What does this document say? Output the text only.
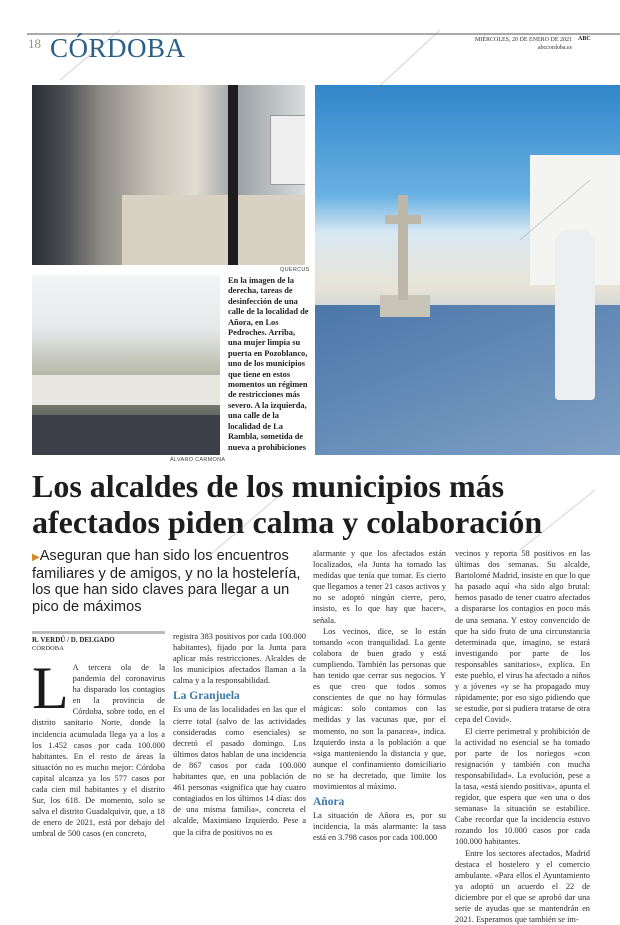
18 CÓRDOBA	MIÉRCOLES, 20 DE ENERO DE 2021
abccordoba.es
ABC
QUERCUS
ÁLVARO CARMONA
En la imagen de la derecha, tareas de desinfección de una calle de la localidad de Añora, en Los Pedroches. Arriba, una mujer limpia su puerta en Pozoblanco, uno de los municipios que tiene en estos momentos un régimen de restricciones más severo. A la izquierda, una calle de la localidad de La Rambla, sometida de nueva a prohibiciones
Los alcaldes de los municipios más afectados piden calma y colaboración
▶Aseguran que han sido los encuentros familiares y de amigos, y no la hostelería, los que han sido claves para llegar a un pico de máximos
R. VERDÚ / D. DELGADO
CÓRDOBA

L A tercera ola de la pandemia del coronavirus ha disparado los contagios en la provincia de Córdoba, sobre todo, en el distrito sanitario Norte, donde la incidencia acumulada llega ya a los a los 1.452 casos por cada 100.000 habitantes. En el resto de áreas la situación no es mucho mejor: Córdoba capital alcanza ya los 577 casos por cada cien mil habitantes y el distrito Sur, los 618. De momento, solo se salva el distrito Guadalquivir, que, a 18 de enero de 2021, está por debajo del umbral de 500 casos (en concreto,

registra 383 positivos por cada 100.000 habitantes), fijado por la Junta para aplicar más restricciones. Alcaldes de los municipios afectados llaman a la calma y a la responsabilidad.

La Granjuela

Es una de las localidades en las que el cierre total (salvo de las actividades consideradas como esenciales) se decretó el pasado domingo. Los últimos datos hablan de una incidencia de 867 casos por cada 100.000 habitantes que, en una población de 461 personas «significa que hay cuatro contagiados en los últimos 14 días: dos de una misma familia», concreta el alcalde, Maximiano Izquierdo. Pese a que la cifra de positivos no es

alarmante y que los afectados están localizados, «la Junta ha tomado las medidas que tenía que tomar. Es cierto que llegamos a tener 21 casos activos y no se adoptó ningún cierre, pero, insisto, es lo que hay que hacer», señala.

Los vecinos, dice, se lo están tomando «con tranquilidad. La gente colabora de buen grado y está cumpliendo. También las personas que han tenido que cerrar sus negocios. Y es que creo que todos somos conscientes de que no hay fórmulas mágicas: solo contamos con las medidas y las vacunas que, por el momento, no son la panacea», indica. Izquierdo insta a la población a que «siga manteniendo la distancia y que, aunque el confinamiento domiciliario no se ha decretado, que limite los movimientos al máximo.

Añora

La situación de Añora es, por su incidencia, la más alarmante: la tasa está en 3.798 casos por cada 100.000

vecinos y reporta 58 positivos en las últimas dos semanas. Su alcalde, Bartolomé Madrid, insiste en que lo que ha pasado aquí «ha sido algo brutal: hemos pasado de tener cuatro afectados a dispararse los contagios en poco más de una semana. Y estoy convencido de que ha sido fruto de una circunstancia determinada que, imagino, se estará investigando por parte de los responsables sanitarios», explica. En este pueblo, el virus ha afectado a niños y a jóvenes «y se ha propagado muy rápidamente; por eso sigo pidiendo que se estudie, por si pudiera tratarse de otra cepa del Covid».

El cierre perimetral y prohibición de la actividad no esencial se ha tomado por parte de los noriegos «con resignación y también con mucha responsabilidad». La evolución, pese a la tasa, «está siendo positiva», apunta el regidor, que espera que «en una o dos semanas» la situación se estabilice. Cabe recordar que la incidencia estuvo rozando los 10.000 casos por cada 100.000 habitantes.

Entre los sectores afectados, Madrid destaca el hostelero y el comercio ambulante. «Para ellos el Ayuntamiento ya adoptó un acuerdo el 22 de diciembre por el que se aprobó dar una serie de ayudas que se mantendrán en 2021. Esperamos que también se im-
